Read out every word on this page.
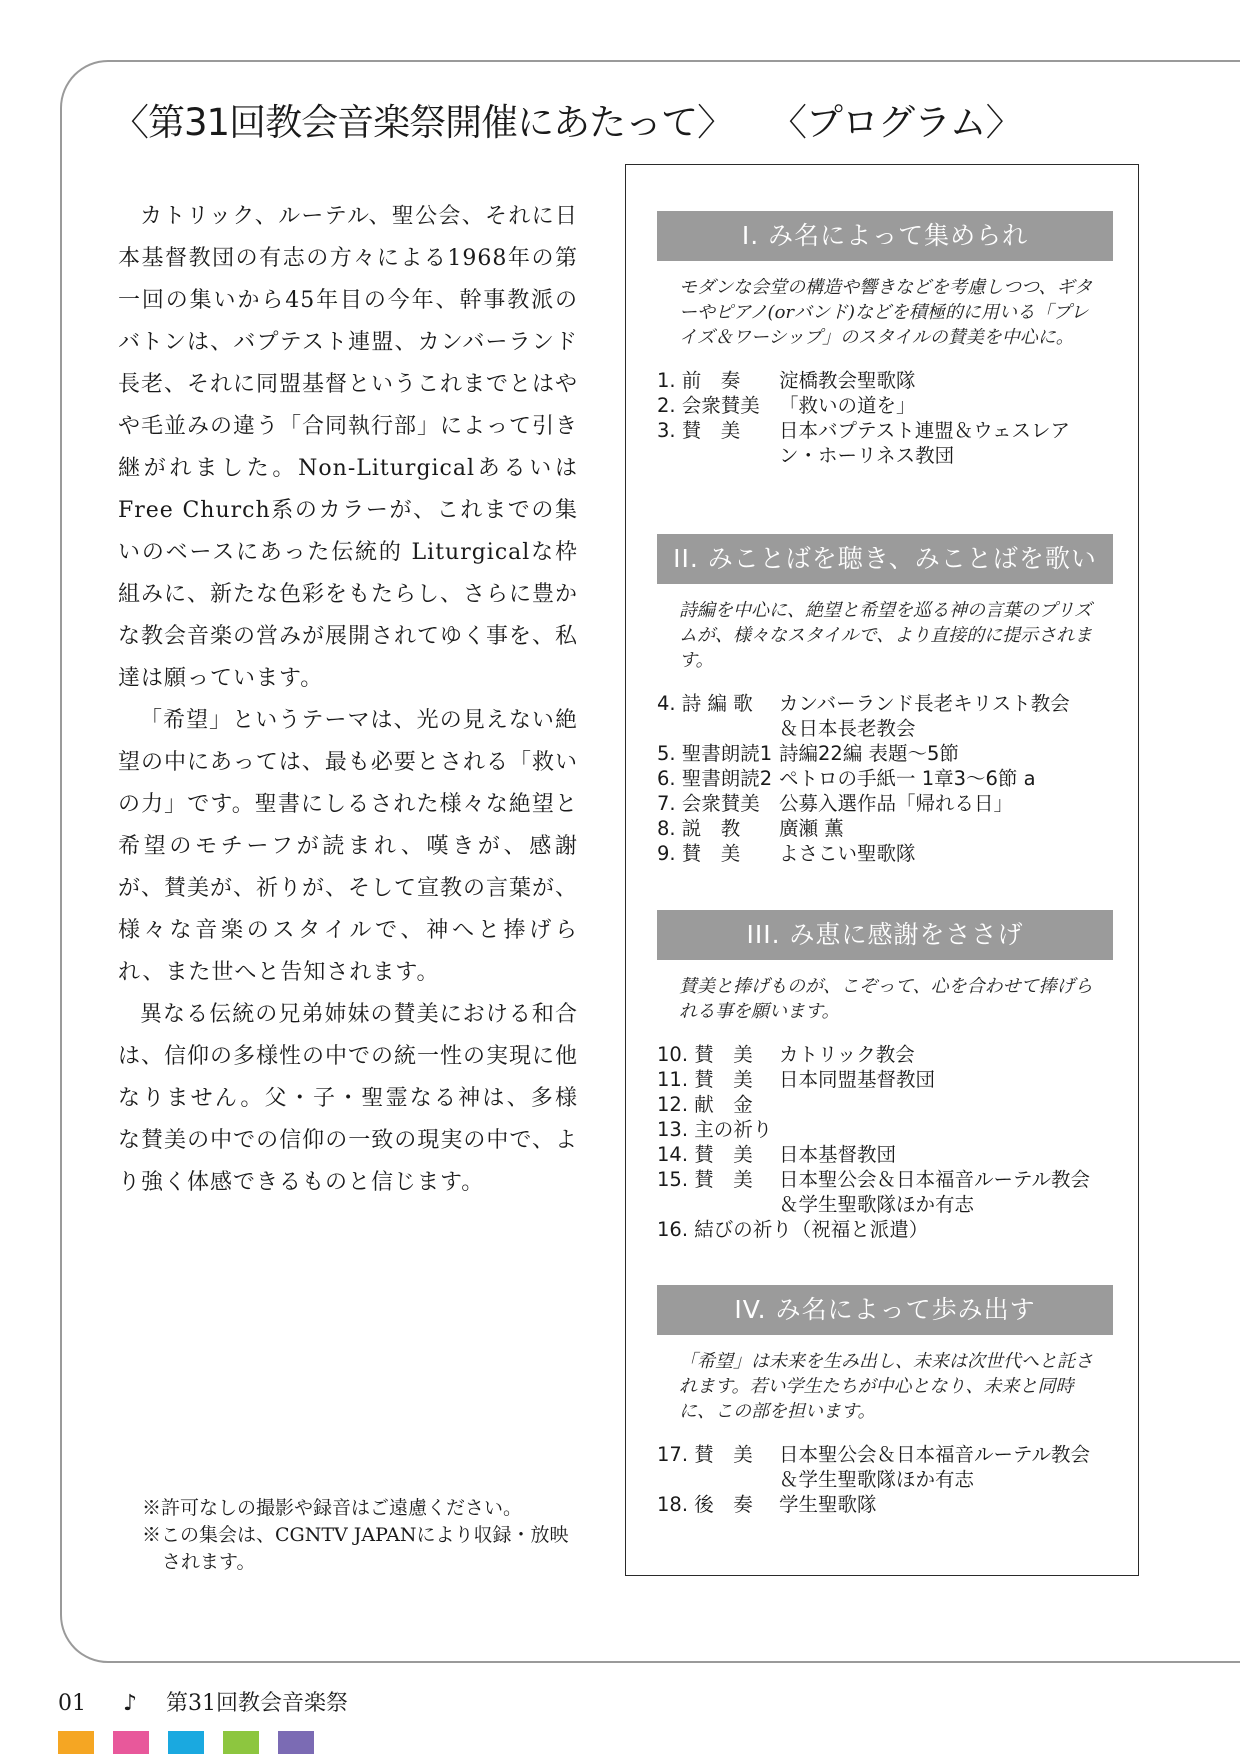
〈第31回教会音楽祭開催にあたって〉 〈プログラム〉

カトリック、ルーテル、聖公会、それに日本基督教団の有志の方々による1968年の第一回の集いから45年目の今年、幹事教派のバトンは、バプテスト連盟、カンバーランド長老、それに同盟基督というこれまでとはやや毛並みの違う「合同執行部」によって引き継がれました。Non-Liturgicalあるいは Free Church系のカラーが、これまでの集いのベースにあった伝統的 Liturgicalな枠組みに、新たな色彩をもたらし、さらに豊かな教会音楽の営みが展開されてゆく事を、私達は願っています。

「希望」というテーマは、光の見えない絶望の中にあっては、最も必要とされる「救いの力」です。聖書にしるされた様々な絶望と希望のモチーフが読まれ、嘆きが、感謝が、賛美が、祈りが、そして宣教の言葉が、様々な音楽のスタイルで、神へと捧げられ、また世へと告知されます。

異なる伝統の兄弟姉妹の賛美における和合は、信仰の多様性の中での統一性の実現に他なりません。父・子・聖霊なる神は、多様な賛美の中での信仰の一致の現実の中で、より強く体感できるものと信じます。

※許可なしの撮影や録音はご遠慮ください。
※この集会は、CGNTV JAPANにより収録・放映されます。
I. み名によって集められ
モダンな会堂の構造や響きなどを考慮しつつ、ギターやピアノ(orバンド)などを積極的に用いる「プレイズ＆ワーシップ」のスタイルの賛美を中心に。
1. 前　奏 淀橋教会聖歌隊
2. 会衆賛美 「救いの道を」
3. 賛　美 日本バプテスト連盟＆ウェスレア
ン・ホーリネス教団
II. みことばを聴き、みことばを歌い
詩編を中心に、絶望と希望を巡る神の言葉のプリズムが、様々なスタイルで、より直接的に提示されます。
4. 詩 編 歌 カンバーランド長老キリスト教会
＆日本長老教会
5. 聖書朗読1 詩編22編 表題〜5節
6. 聖書朗読2 ペトロの手紙一 1章3〜6節 a
7. 会衆賛美 公募入選作品「帰れる日」
8. 説　教 廣瀬 薫
9. 賛　美 よさこい聖歌隊
III. み恵に感謝をささげ
賛美と捧げものが、こぞって、心を合わせて捧げられる事を願います。
10. 賛　美 カトリック教会
11. 賛　美 日本同盟基督教団
12. 献　金

13. 主の祈り

14. 賛　美 日本基督教団
15. 賛　美 日本聖公会＆日本福音ルーテル教会
＆学生聖歌隊ほか有志
16. 結びの祈り（祝福と派遣）

IV. み名によって歩み出す
「希望」は未来を生み出し、未来は次世代へと託されます。若い学生たちが中心となり、未来と同時に、この部を担います。
17. 賛　美 日本聖公会＆日本福音ルーテル教会
＆学生聖歌隊ほか有志
18. 後　奏 学生聖歌隊
01 ♪ 第31回教会音楽祭
